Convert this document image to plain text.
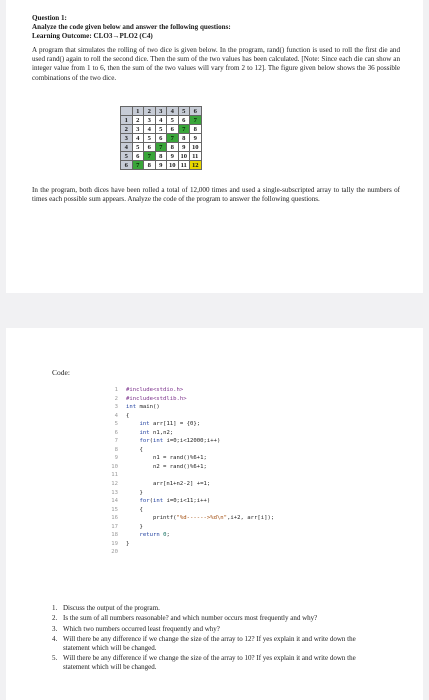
Question 1:
Analyze the code given below and answer the following questions:
Learning Outcome: CLO3→PLO2 (C4)
A program that simulates the rolling of two dice is given below. In the program, rand() function is used to roll the first die and used rand() again to roll the second dice. Then the sum of the two values has been calculated. [Note: Since each die can show an integer value from 1 to 6, then the sum of the two values will vary from 2 to 12]. The figure given below shows the 36 possible combinations of the two dice.
	1	2	3	4	5	6
1	2	3	4	5	6	7
2	3	4	5	6	7	8
3	4	5	6	7	8	9
4	5	6	7	8	9	10
5	6	7	8	9	10	11
6	7	8	9	10	11	12
In the program, both dices have been rolled a total of 12,000 times and used a single-subscripted array to tally the numbers of times each possible sum appears. Analyze the code of the program to answer the following questions.
Code:
1 #include<stdio.h>
2 #include<stdlib.h>
3 int main()
4 {
5	int arr[11] = {0};
6	int n1,n2;
7	for(int i=0;i<12000;i++)
8	{
9	n1 = rand()%6+1;
10	n2 = rand()%6+1;
11
12	arr[n1+n2-2] +=1;
13	}
14	for(int i=0;i<11;i++)
15	{
16	printf("%d------>%d\n",i+2, arr[i]);
17	}
18	return 0;
19 }
20
1. Discuss the output of the program.
2. Is the sum of all numbers reasonable? and which number occurs most frequently and why?
3. Which two numbers occurred least frequently and why?
4. Will there be any difference if we change the size of the array to 12? If yes explain it and write down the statement which will be changed.
5. Will there be any difference if we change the size of the array to 10? If yes explain it and write down the statement which will be changed.
